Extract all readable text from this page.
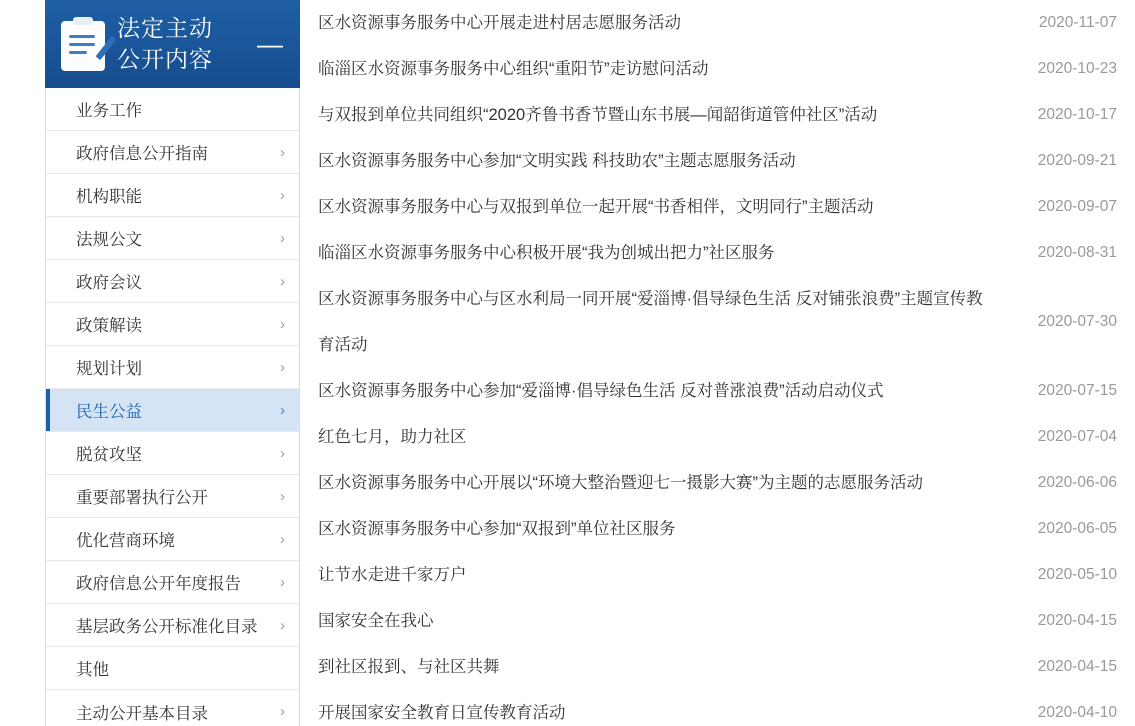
法定主动
公开内容	—
业务工作
政府信息公开指南	›
机构职能	›
法规公文	›
政府会议	›
政策解读	›
规划计划	›
民生公益	›
脱贫攻坚	›
重要部署执行公开	›
优化营商环境	›
政府信息公开年度报告	›
基层政务公开标准化目录	›
其他
主动公开基本目录	›
区水资源事务服务中心开展走进村居志愿服务活动	2020-11-07
临淄区水资源事务服务中心组织“重阳节”走访慰问活动	2020-10-23
与双报到单位共同组织“2020齐鲁书香节暨山东书展—闻韶街道管仲社区”活动	2020-10-17
区水资源事务服务中心参加“文明实践 科技助农”主题志愿服务活动	2020-09-21
区水资源事务服务中心与双报到单位一起开展“书香相伴，文明同行”主题活动	2020-09-07
临淄区水资源事务服务中心积极开展“我为创城出把力”社区服务	2020-08-31
区水资源事务服务中心与区水利局一同开展“爱淄博·倡导绿色生活 反对铺张浪费”主题宣传教育活动
2020-07-30
区水资源事务服务中心参加“爱淄博·倡导绿色生活 反对普涨浪费”活动启动仪式	2020-07-15
红色七月，助力社区	2020-07-04
区水资源事务服务中心开展以“环境大整治暨迎七一摄影大赛”为主题的志愿服务活动	2020-06-06
区水资源事务服务中心参加“双报到”单位社区服务	2020-06-05
让节水走进千家万户	2020-05-10
国家安全在我心	2020-04-15
到社区报到、与社区共舞	2020-04-15
开展国家安全教育日宣传教育活动	2020-04-10
